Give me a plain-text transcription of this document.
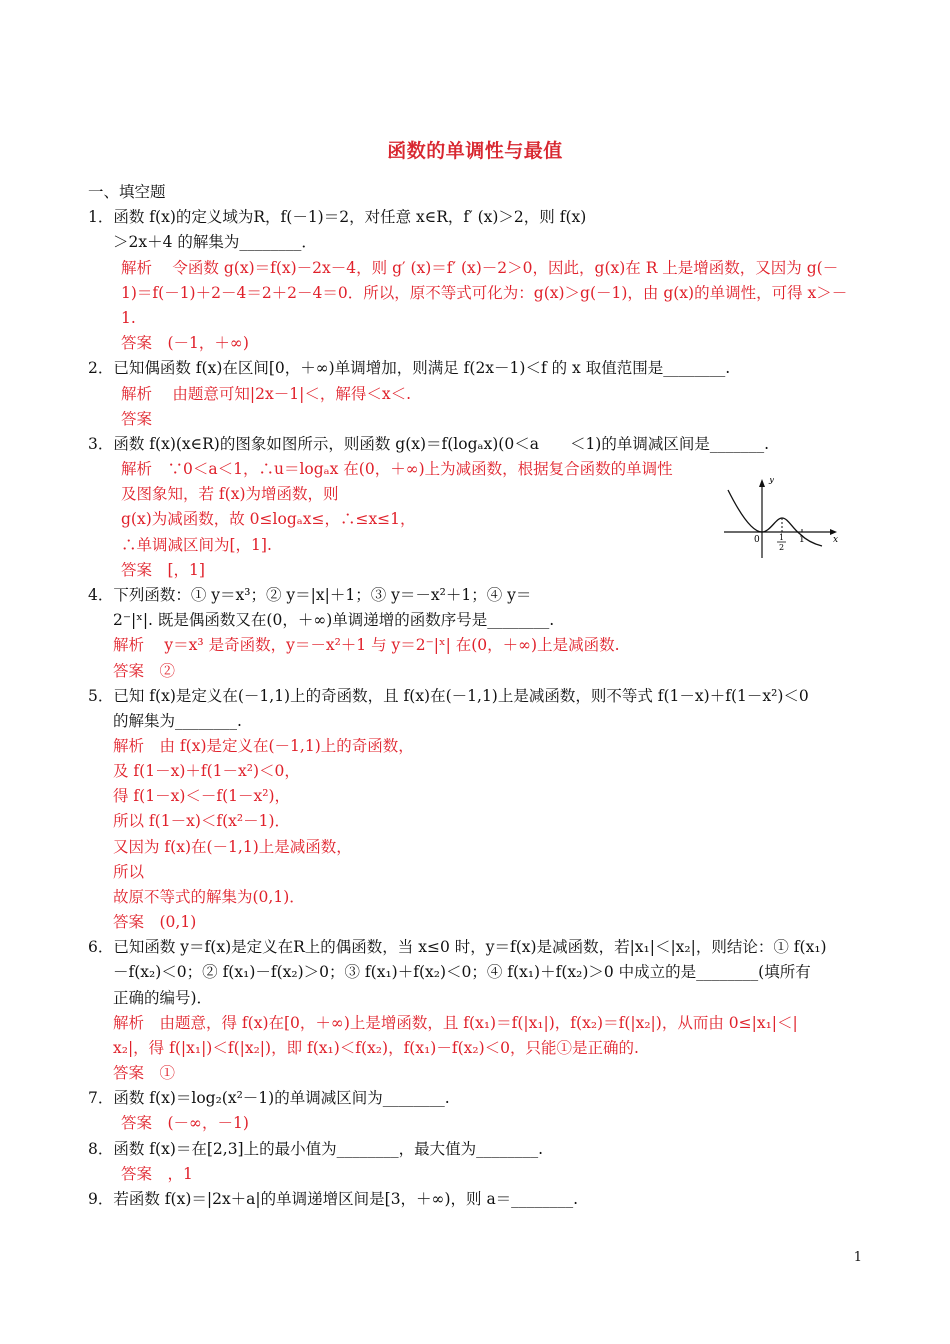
函数的单调性与最值
一、填空题
1．函数 f(x)的定义域为R，f(－1)＝2，对任意 x∈R，f′ (x)＞2，则 f(x)
＞2x＋4 的解集为________．
解析　 令函数 g(x)＝f(x)－2x－4，则 g′ (x)＝f′ (x)－2＞0，因此，g(x)在 R 上是增函数，又因为 g(－
1)＝f(－1)＋2－4＝2＋2－4＝0．所以，原不等式可化为：g(x)＞g(－1)，由 g(x)的单调性，可得 x＞－
1.
答案　(－1，＋∞)
2．已知偶函数 f(x)在区间[0，＋∞)单调增加，则满足 f(2x－1)＜f 的 x 取值范围是________.
解析　 由题意可知|2x－1|＜，解得＜x＜.
答案
3．函数 f(x)(x∈R)的图象如图所示，则函数 g(x)＝f(logₐx)(0＜a　　＜1)的单调减区间是_______.
解析　∵0＜a＜1，∴u＝logₐx 在(0，＋∞)上为减函数，根据复合函数的单调性
及图象知，若 f(x)为增函数，则
g(x)为减函数，故 0≤logₐx≤，∴≤x≤1，
∴单调减区间为[，1].
答案　[，1]
y
x
0 1
2
1
4．下列函数：① y＝x³；② y＝|x|＋1；③ y＝－x²＋1；④ y＝
2⁻|ˣ|. 既是偶函数又在(0，＋∞)单调递增的函数序号是________.
解析　 y＝x³ 是奇函数，y＝－x²＋1 与 y＝2⁻|ˣ| 在(0，＋∞)上是减函数.
答案　②
5．已知 f(x)是定义在(－1,1)上的奇函数，且 f(x)在(－1,1)上是减函数，则不等式 f(1－x)＋f(1－x²)＜0
的解集为________.
解析　由 f(x)是定义在(－1,1)上的奇函数，
及 f(1－x)＋f(1－x²)＜0，
得 f(1－x)＜－f(1－x²)，
所以 f(1－x)＜f(x²－1)．
又因为 f(x)在(－1,1)上是减函数，
所以
故原不等式的解集为(0,1)．
答案　(0,1)
6．已知函数 y＝f(x)是定义在R上的偶函数，当 x≤0 时，y＝f(x)是减函数，若|x₁|＜|x₂|，则结论：① f(x₁)
－f(x₂)＜0；② f(x₁)－f(x₂)＞0；③ f(x₁)＋f(x₂)＜0；④ f(x₁)＋f(x₂)＞0 中成立的是________(填所有
正确的编号)．
解析　由题意，得 f(x)在[0，＋∞)上是增函数，且 f(x₁)＝f(|x₁|)，f(x₂)＝f(|x₂|)，从而由 0≤|x₁|＜|
x₂|，得 f(|x₁|)＜f(|x₂|)，即 f(x₁)＜f(x₂)，f(x₁)－f(x₂)＜0，只能①是正确的.
答案　①
7．函数 f(x)＝log₂(x²－1)的单调减区间为________.
答案　(－∞，－1)
8．函数 f(x)＝在[2,3]上的最小值为________，最大值为________.
答案　，1
9．若函数 f(x)＝|2x＋a|的单调递增区间是[3，＋∞)，则 a＝________.
1
